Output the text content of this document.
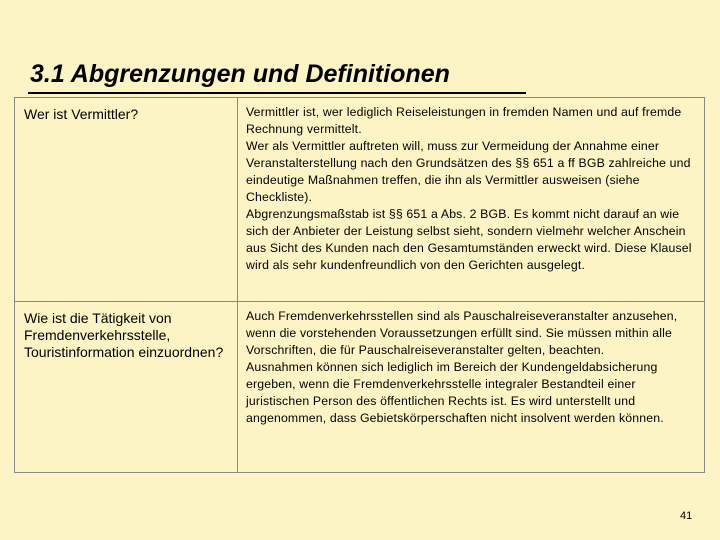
3.1 Abgrenzungen und Definitionen
Wer ist Vermittler?	Vermittler ist, wer lediglich Reiseleistungen in fremden Namen und auf fremde Rechnung vermittelt.

Wer als Vermittler auftreten will, muss zur Vermeidung der Annahme einer Veranstalterstellung nach den Grundsätzen des §§ 651 a ff BGB zahlreiche und eindeutige Maßnahmen treffen, die ihn als Vermittler ausweisen (siehe Checkliste).

Abgrenzungsmaßstab ist §§ 651 a Abs. 2 BGB. Es kommt nicht darauf an wie sich der Anbieter der Leistung selbst sieht, sondern vielmehr welcher Anschein aus Sicht des Kunden nach den Gesamtumständen erweckt wird. Diese Klausel wird als sehr kundenfreundlich von den Gerichten ausgelegt.

Wie ist die Tätigkeit von Fremdenverkehrsstelle, Touristinformation einzuordnen?

Auch Fremdenverkehrsstellen sind als Pauschalreiseveranstalter anzusehen, wenn die vorstehenden Voraussetzungen erfüllt sind. Sie müssen mithin alle Vorschriften, die für Pauschalreiseveranstalter gelten, beachten.

Ausnahmen können sich lediglich im Bereich der Kundengeldabsicherung ergeben, wenn die Fremdenverkehrsstelle integraler Bestandteil einer juristischen Person des öffentlichen Rechts ist. Es wird unterstellt und angenommen, dass Gebietskörperschaften nicht insolvent werden können.

41
